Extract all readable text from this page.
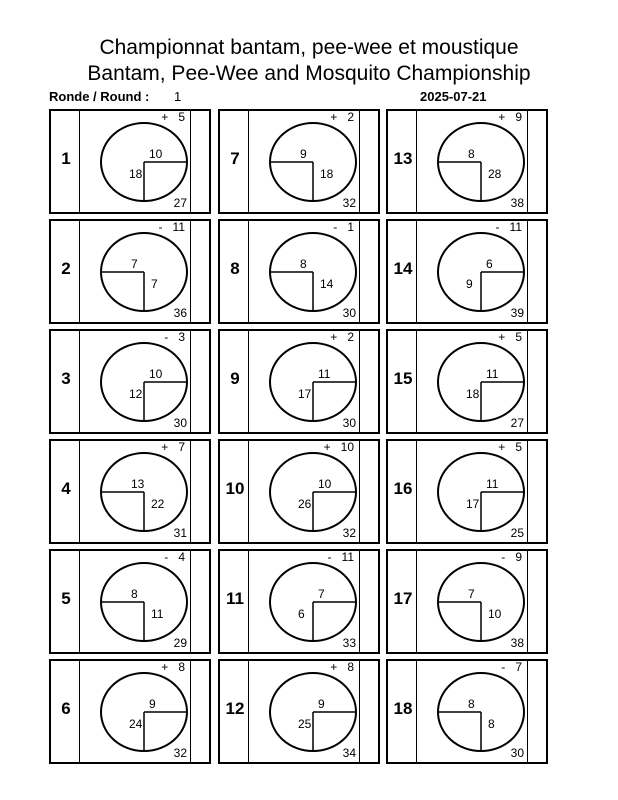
Championnat bantam, pee-wee et moustique
Bantam, Pee-Wee and Mosquito Championship
Ronde / Round : 1	2025-07-21
1
+ 5
27
10
18
2
- 11
36
7
7
3
- 3
30
10
12
4
+ 7
31
13
22
5
- 4
29
8
11
6
+ 8
32
9
24
7
+ 2
32
9
18
8
- 1
30
8
14
9
+ 2
30
11
17
10
+ 10
32
10
26
11
- 11
33
7
6
12
+ 8
34
9
25
13
+ 9
38
8
28
14
- 11
39
6
9
15
+ 5
27
11
18
16
+ 5
25
11
17
17
- 9
38
7
10
18
- 7
30
8
8
